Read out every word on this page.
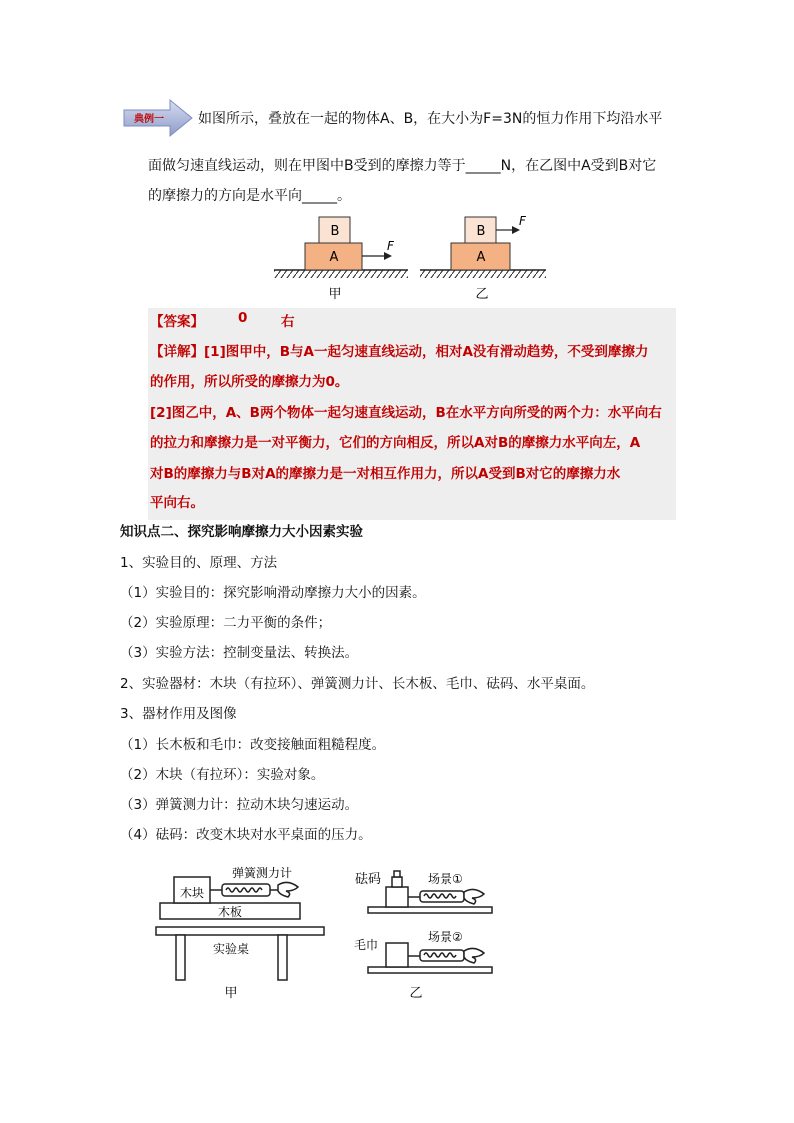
典例一 如图所示，叠放在一起的物体A、B，在大小为F=3N的恒力作用下均沿水平
面做匀速直线运动，则在甲图中B受到的摩擦力等于_____N，在乙图中A受到B对它
的摩擦力的方向是水平向_____。
B
A
F
甲
B
A
F
乙
【答案】	0 右
【详解】[1]图甲中，B与A一起匀速直线运动，相对A没有滑动趋势，不受到摩擦力
的作用，所以所受的摩擦力为0。
[2]图乙中，A、B两个物体一起匀速直线运动，B在水平方向所受的两个力：水平向右
的拉力和摩擦力是一对平衡力，它们的方向相反，所以A对B的摩擦力水平向左，A
对B的摩擦力与B对A的摩擦力是一对相互作用力，所以A受到B对它的摩擦力水
平向右。
知识点二、探究影响摩擦力大小因素实验
1、实验目的、原理、方法
（1）实验目的：探究影响滑动摩擦力大小的因素。
（2）实验原理：二力平衡的条件；
（3）实验方法：控制变量法、转换法。
2、实验器材：木块（有拉环）、弹簧测力计、长木板、毛巾、砝码、水平桌面。
3、器材作用及图像
（1）长木板和毛巾：改变接触面粗糙程度。
（2）木块（有拉环）：实验对象。
（3）弹簧测力计：拉动木块匀速运动。
（4）砝码：改变木块对水平桌面的压力。
木块
弹簧测力计
木板
实验桌
甲
砝码	场景①
毛巾
场景②
乙
